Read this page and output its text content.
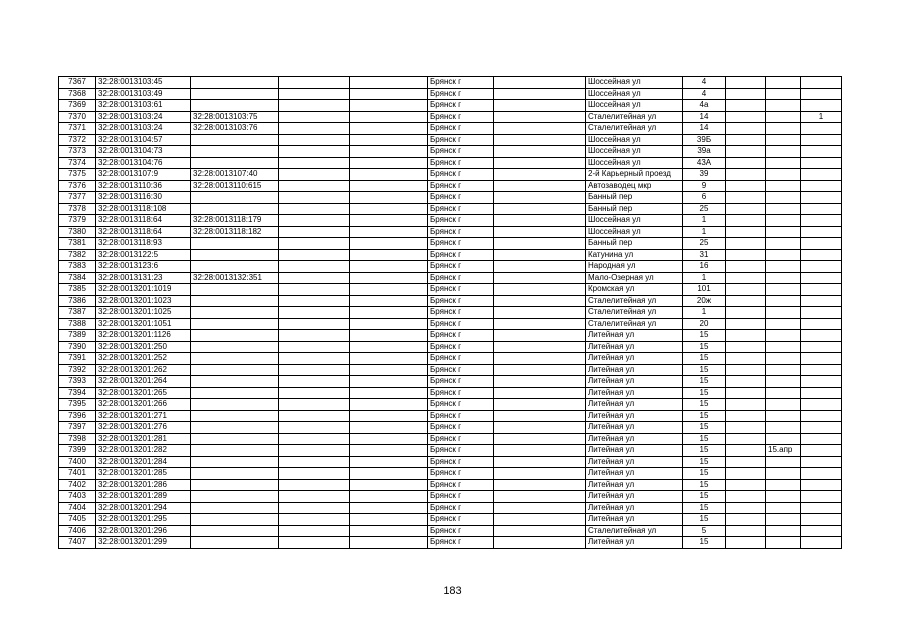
7367	32:28:0013103:45				Брянск г		Шоссейная ул	4			
7368	32:28:0013103:49				Брянск г		Шоссейная ул	4			
7369	32:28:0013103:61				Брянск г		Шоссейная ул	4а			
7370	32:28:0013103:24	32:28:0013103:75			Брянск г		Сталелитейная ул	14			1
7371	32:28:0013103:24	32:28:0013103:76			Брянск г		Сталелитейная ул	14			
7372	32:28:0013104:57				Брянск г		Шоссейная ул	39Б			
7373	32:28:0013104:73				Брянск г		Шоссейная ул	39а			
7374	32:28:0013104:76				Брянск г		Шоссейная ул	43А			
7375	32:28:0013107:9	32:28:0013107:40			Брянск г		2-й Карьерный проезд	39			
7376	32:28:0013110:36	32:28:0013110:615			Брянск г		Автозаводец мкр	9			
7377	32:28:0013116:30				Брянск г		Банный пер	6			
7378	32:28:0013118:108				Брянск г		Банный пер	25			
7379	32:28:0013118:64	32:28:0013118:179			Брянск г		Шоссейная ул	1			
7380	32:28:0013118:64	32:28:0013118:182			Брянск г		Шоссейная ул	1			
7381	32:28:0013118:93				Брянск г		Банный пер	25			
7382	32:28:0013122:5				Брянск г		Катунина ул	31			
7383	32:28:0013123:6				Брянск г		Народная ул	16			
7384	32:28:0013131:23	32:28:0013132:351			Брянск г		Мало-Озерная ул	1			
7385	32:28:0013201:1019				Брянск г		Кромская ул	101			
7386	32:28:0013201:1023				Брянск г		Сталелитейная ул	20ж			
7387	32:28:0013201:1025				Брянск г		Сталелитейная ул	1			
7388	32:28:0013201:1051				Брянск г		Сталелитейная ул	20			
7389	32:28:0013201:1126				Брянск г		Литейная ул	15			
7390	32:28:0013201:250				Брянск г		Литейная ул	15			
7391	32:28:0013201:252				Брянск г		Литейная ул	15			
7392	32:28:0013201:262				Брянск г		Литейная ул	15			
7393	32:28:0013201:264				Брянск г		Литейная ул	15			
7394	32:28:0013201:265				Брянск г		Литейная ул	15			
7395	32:28:0013201:266				Брянск г		Литейная ул	15			
7396	32:28:0013201:271				Брянск г		Литейная ул	15			
7397	32:28:0013201:276				Брянск г		Литейная ул	15			
7398	32:28:0013201:281				Брянск г		Литейная ул	15			
7399	32:28:0013201:282				Брянск г		Литейная ул	15		15.апр	
7400	32:28:0013201:284				Брянск г		Литейная ул	15			
7401	32:28:0013201:285				Брянск г		Литейная ул	15			
7402	32:28:0013201:286				Брянск г		Литейная ул	15			
7403	32:28:0013201:289				Брянск г		Литейная ул	15			
7404	32:28:0013201:294				Брянск г		Литейная ул	15			
7405	32:28:0013201:295				Брянск г		Литейная ул	15			
7406	32:28:0013201:296				Брянск г		Сталелитейная ул	5			
7407	32:28:0013201:299				Брянск г		Литейная ул	15			
183
